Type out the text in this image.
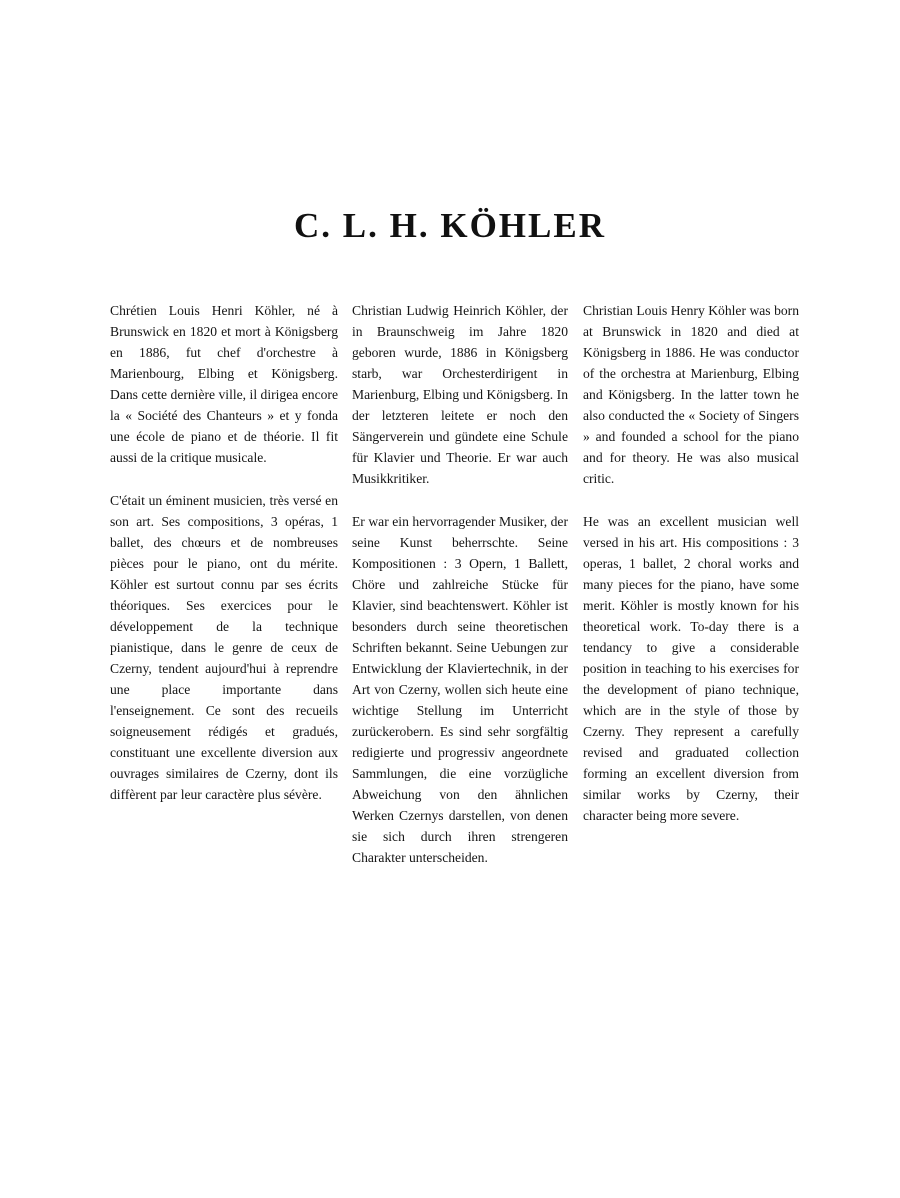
C. L. H. KÖHLER

Chrétien Louis Henri Köhler, né à Brunswick en 1820 et mort à Königsberg en 1886, fut chef d'orchestre à Marienbourg, Elbing et Königsberg. Dans cette dernière ville, il dirigea encore la « Société des Chanteurs » et y fonda une école de piano et de théorie. Il fit aussi de la critique musicale.

C'était un éminent musicien, très versé en son art. Ses compositions, 3 opéras, 1 ballet, des chœurs et de nombreuses pièces pour le piano, ont du mérite. Köhler est surtout connu par ses écrits théoriques. Ses exercices pour le développement de la technique pianistique, dans le genre de ceux de Czerny, tendent aujourd'hui à reprendre une place importante dans l'enseignement. Ce sont des recueils soigneusement rédigés et gradués, constituant une excellente diversion aux ouvrages similaires de Czerny, dont ils diffèrent par leur caractère plus sévère.

Christian Ludwig Heinrich Köhler, der in Braunschweig im Jahre 1820 geboren wurde, 1886 in Königsberg starb, war Orchesterdirigent in Marienburg, Elbing und Königsberg. In der letzteren leitete er noch den Sängerverein und gündete eine Schule für Klavier und Theorie. Er war auch Musikkritiker.

Er war ein hervorragender Musiker, der seine Kunst beherrschte. Seine Kompositionen : 3 Opern, 1 Ballett, Chöre und zahlreiche Stücke für Klavier, sind beachtenswert. Köhler ist besonders durch seine theoretischen Schriften bekannt. Seine Uebungen zur Entwicklung der Klaviertechnik, in der Art von Czerny, wollen sich heute eine wichtige Stellung im Unterricht zurückerobern. Es sind sehr sorgfältig redigierte und progressiv angeordnete Sammlungen, die eine vorzügliche Abweichung von den ähnlichen Werken Czernys darstellen, von denen sie sich durch ihren strengeren Charakter unterscheiden.

Christian Louis Henry Köhler was born at Brunswick in 1820 and died at Königsberg in 1886. He was conductor of the orchestra at Marienburg, Elbing and Königsberg. In the latter town he also conducted the « Society of Singers » and founded a school for the piano and for theory. He was also musical critic.

He was an excellent musician well versed in his art. His compositions : 3 operas, 1 ballet, 2 choral works and many pieces for the piano, have some merit. Köhler is mostly known for his theoretical work. To-day there is a tendancy to give a considerable position in teaching to his exercises for the development of piano technique, which are in the style of those by Czerny. They represent a carefully revised and graduated collection forming an excellent diversion from similar works by Czerny, their character being more severe.
